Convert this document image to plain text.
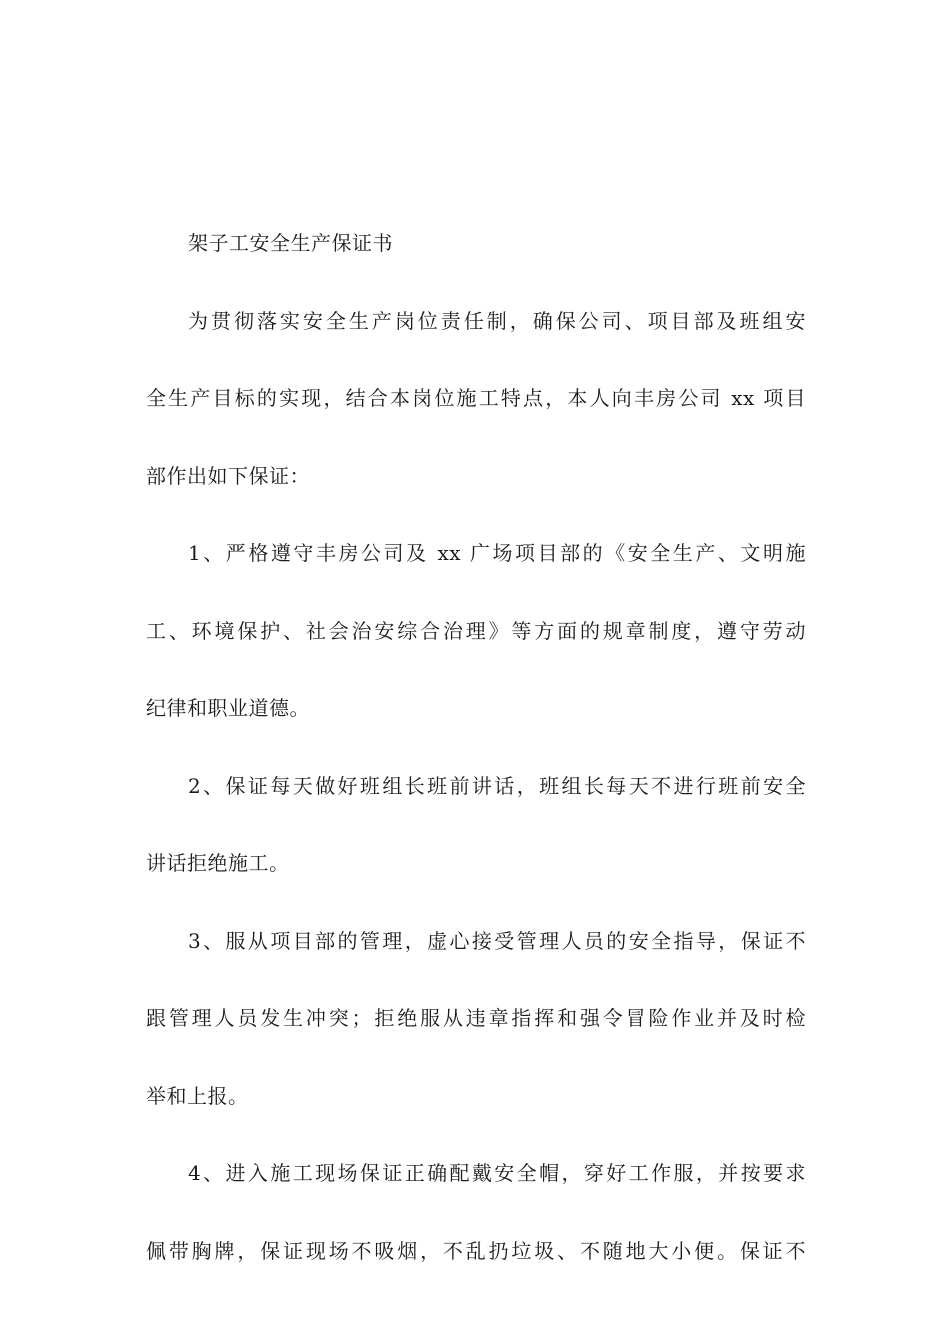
架子工安全生产保证书
为贯彻落实安全生产岗位责任制，确保公司、项目部及班组安
全生产目标的实现，结合本岗位施工特点，本人向丰房公司 xx 项目
部作出如下保证：
1、严格遵守丰房公司及 xx 广场项目部的《安全生产、文明施
工、环境保护、社会治安综合治理》等方面的规章制度，遵守劳动
纪律和职业道德。
2、保证每天做好班组长班前讲话，班组长每天不进行班前安全
讲话拒绝施工。
3、服从项目部的管理，虚心接受管理人员的安全指导，保证不
跟管理人员发生冲突；拒绝服从违章指挥和强令冒险作业并及时检
举和上报。
4、进入施工现场保证正确配戴安全帽，穿好工作服，并按要求
佩带胸牌，保证现场不吸烟，不乱扔垃圾、不随地大小便。保证不
